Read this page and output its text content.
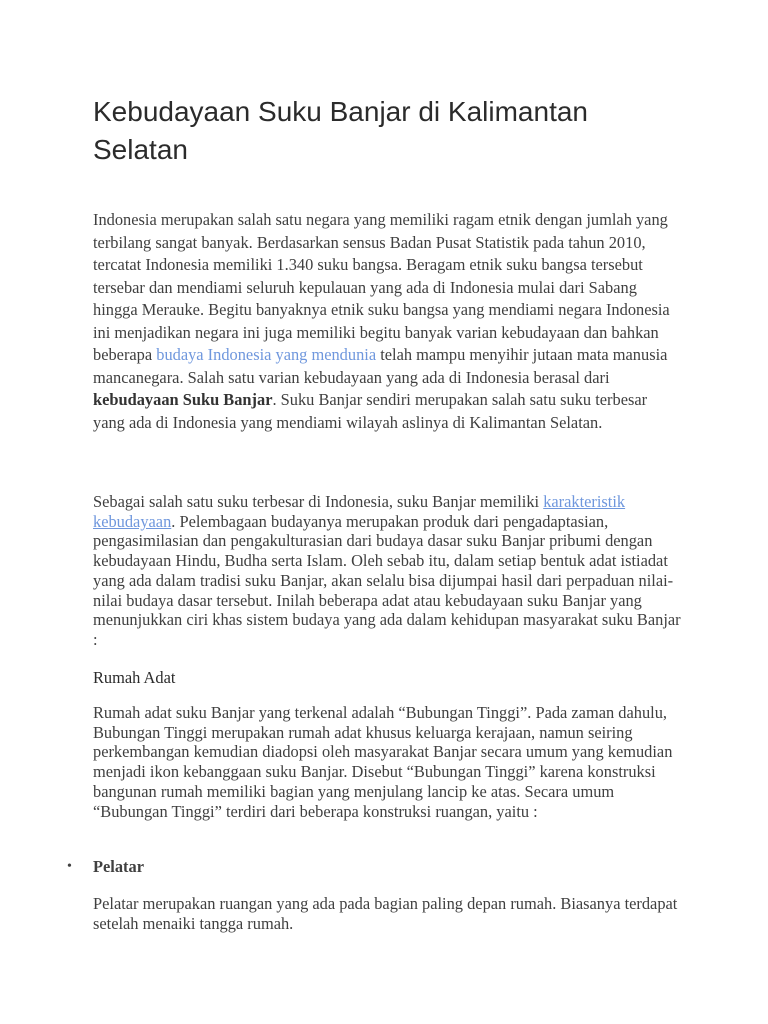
Kebudayaan Suku Banjar di Kalimantan Selatan

Indonesia merupakan salah satu negara yang memiliki ragam etnik dengan jumlah yang terbilang sangat banyak. Berdasarkan sensus Badan Pusat Statistik pada tahun 2010, tercatat Indonesia memiliki 1.340 suku bangsa. Beragam etnik suku bangsa tersebut tersebar dan mendiami seluruh kepulauan yang ada di Indonesia mulai dari Sabang hingga Merauke. Begitu banyaknya etnik suku bangsa yang mendiami negara Indonesia ini menjadikan negara ini juga memiliki begitu banyak varian kebudayaan dan bahkan beberapa budaya Indonesia yang mendunia telah mampu menyihir jutaan mata manusia mancanegara. Salah satu varian kebudayaan yang ada di Indonesia berasal dari kebudayaan Suku Banjar. Suku Banjar sendiri merupakan salah satu suku terbesar yang ada di Indonesia yang mendiami wilayah aslinya di Kalimantan Selatan.

Sebagai salah satu suku terbesar di Indonesia, suku Banjar memiliki karakteristik kebudayaan. Pelembagaan budayanya merupakan produk dari pengadaptasian, pengasimilasian dan pengakulturasian dari budaya dasar suku Banjar pribumi dengan kebudayaan Hindu, Budha serta Islam. Oleh sebab itu, dalam setiap bentuk adat istiadat yang ada dalam tradisi suku Banjar, akan selalu bisa dijumpai hasil dari perpaduan nilai-nilai budaya dasar tersebut. Inilah beberapa adat atau kebudayaan suku Banjar yang menunjukkan ciri khas sistem budaya yang ada dalam kehidupan masyarakat suku Banjar :

Rumah Adat

Rumah adat suku Banjar yang terkenal adalah “Bubungan Tinggi”. Pada zaman dahulu, Bubungan Tinggi merupakan rumah adat khusus keluarga kerajaan, namun seiring perkembangan kemudian diadopsi oleh masyarakat Banjar secara umum yang kemudian menjadi ikon kebanggaan suku Banjar. Disebut “Bubungan Tinggi” karena konstruksi bangunan rumah memiliki bagian yang menjulang lancip ke atas. Secara umum “Bubungan Tinggi” terdiri dari beberapa konstruksi ruangan, yaitu :

• Pelatar

Pelatar merupakan ruangan yang ada pada bagian paling depan rumah. Biasanya terdapat setelah menaiki tangga rumah.
